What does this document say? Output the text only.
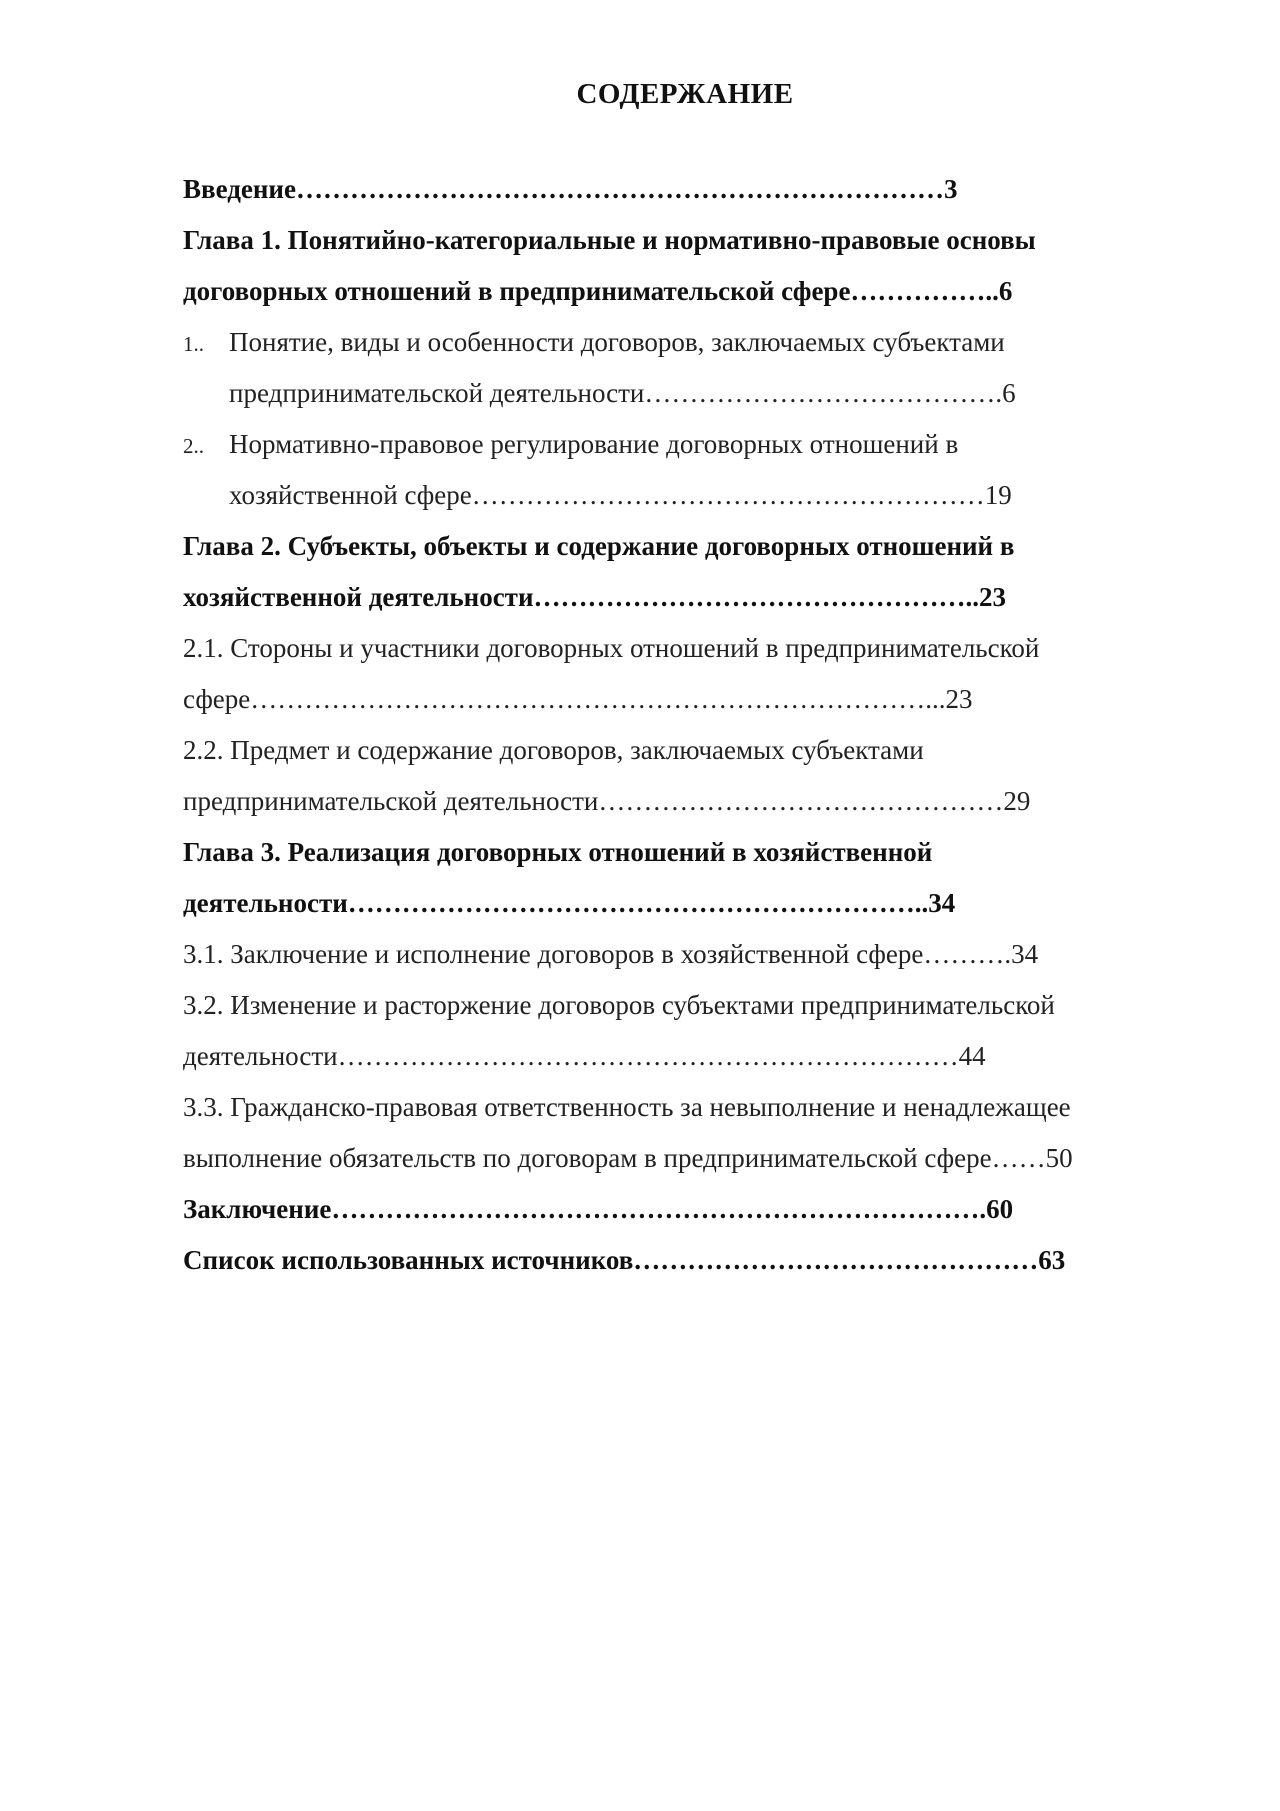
СОДЕРЖАНИЕ
Введение………………………………………………………………3
Глава 1. Понятийно-категориальные и нормативно-правовые основы
договорных отношений в предпринимательской сфере……………..6
1.. Понятие, виды и особенности договоров, заключаемых субъектами
предпринимательской деятельности………………………………….6
2.. Нормативно-правовое регулирование договорных отношений в
хозяйственной сфере…………………………………………………19
Глава 2. Субъекты, объекты и содержание договорных отношений в
хозяйственной деятельности…………………………………………..23
2.1. Стороны и участники договорных отношений в предпринимательской
сфере…………………………………………………………………...23
2.2. Предмет и содержание договоров, заключаемых субъектами
предпринимательской деятельности………………………………………29
Глава 3. Реализация договорных отношений в хозяйственной
деятельности………………………………………………………..34
3.1. Заключение и исполнение договоров в хозяйственной сфере……….34
3.2. Изменение и расторжение договоров субъектами предпринимательской
деятельности……………………………………………………………44
3.3. Гражданско-правовая ответственность за невыполнение и ненадлежащее
выполнение обязательств по договорам в предпринимательской сфере……50
Заключение……………………………………………………………….60
Список использованных источников………………………………………63
